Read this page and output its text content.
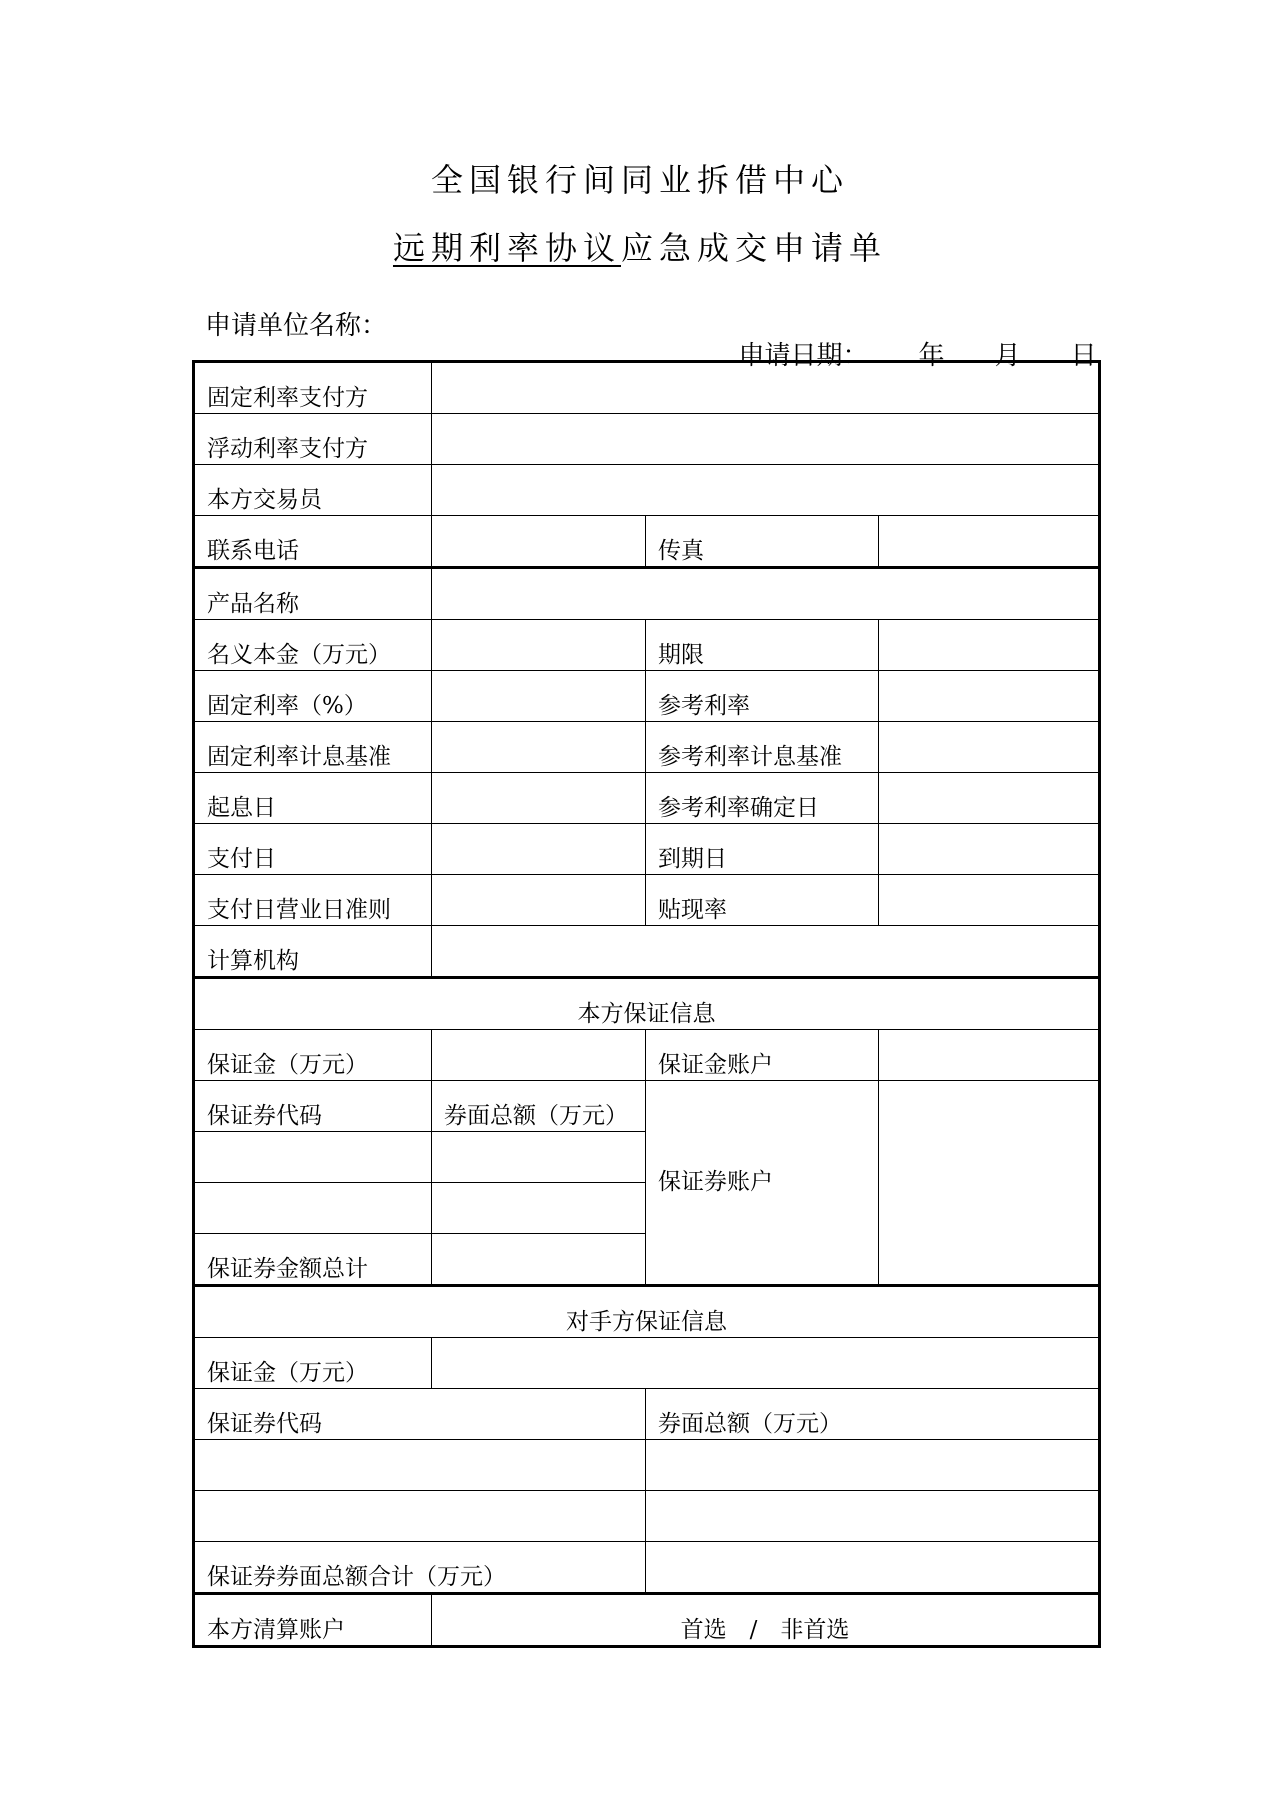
全国银行间同业拆借中心
远期利率协议应急成交申请单
申请单位名称：

申请日期： 年 月 日

固定利率支付方			
浮动利率支付方			
本方交易员			
联系电话		传真	
产品名称			
名义本金（万元）		期限	
固定利率（%）		参考利率	
固定利率计息基准		参考利率计息基准	
起息日		参考利率确定日	
支付日		到期日	
支付日营业日准则		贴现率	
计算机构			
本方保证信息			
保证金（万元）		保证金账户	
保证券代码	券面总额（万元）	保证券账户	

保证券金额总计			
对手方保证信息			
保证金（万元）			
保证券代码		券面总额（万元）	

保证券券面总额合计（万元）			
本方清算账户	首选　/　非首选		
